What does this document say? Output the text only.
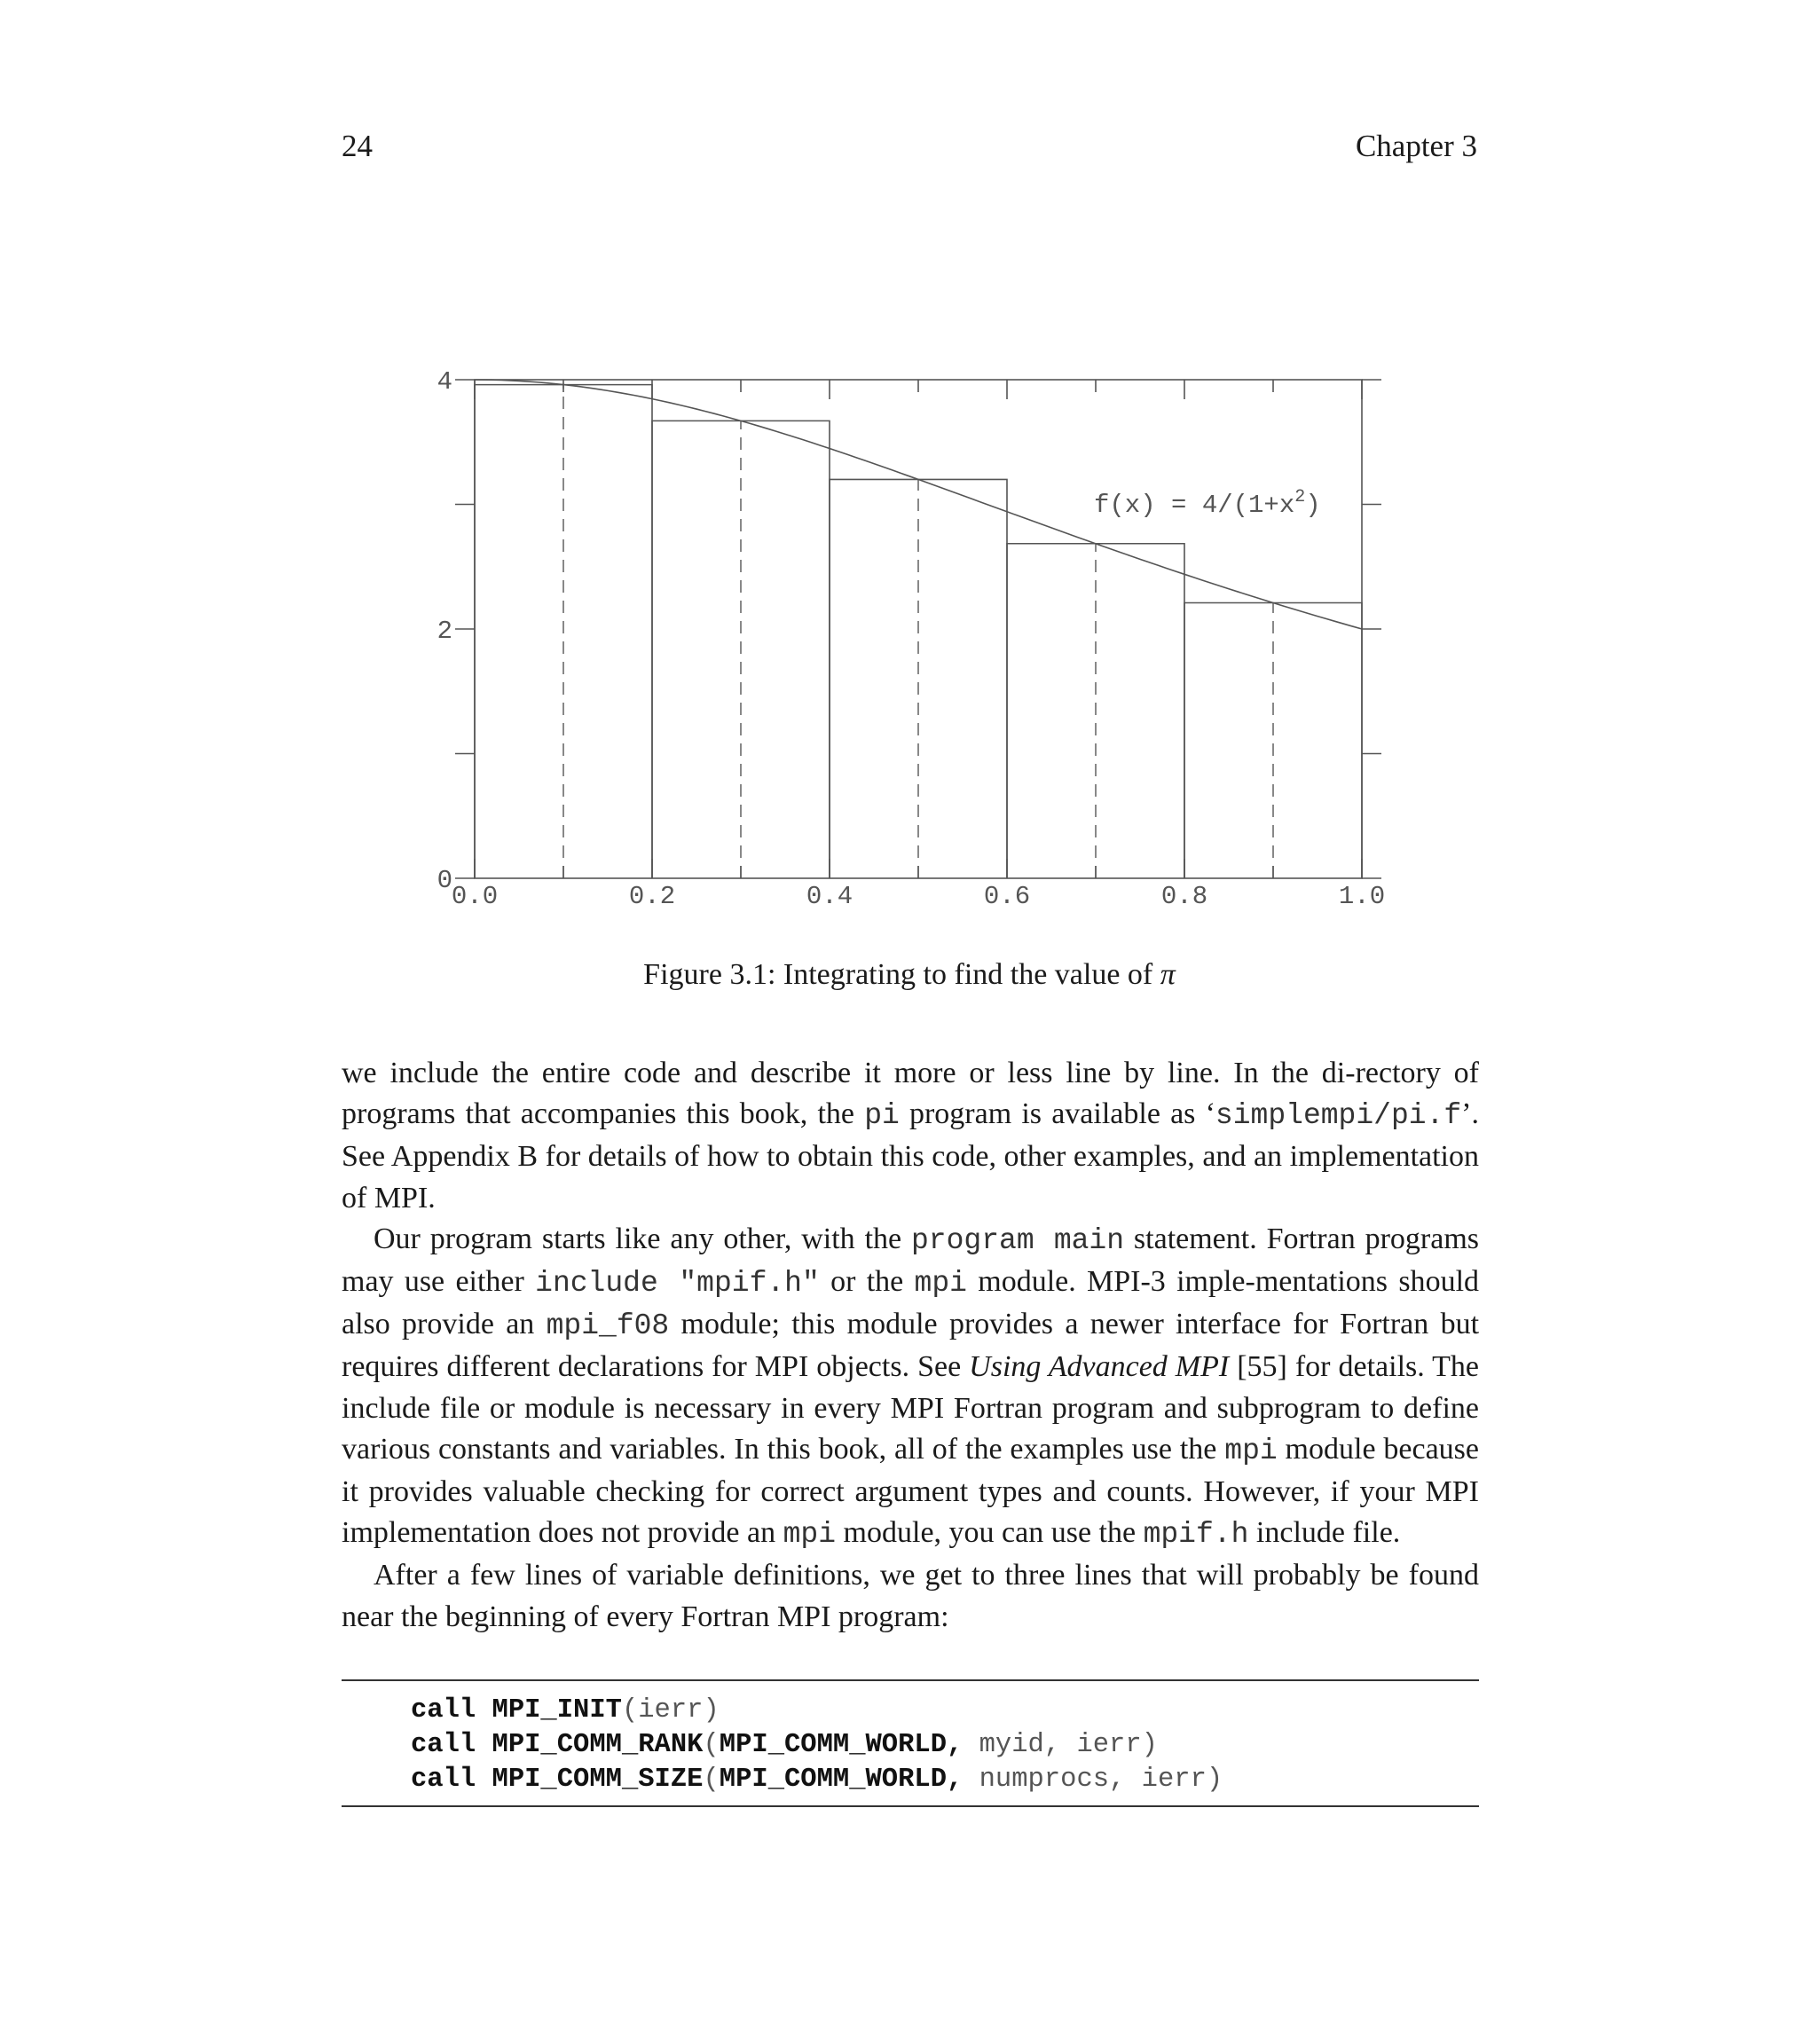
24	Chapter 3
0.0	0.2	0.4	0.6	0.8	1.0
0
2
4
$f(x) = 4/(1+x^2)$
Figure 3.1: Integrating to find the value of π

we include the entire code and describe it more or less line by line. In the di-rectory of programs that accompanies this book, the pi program is available as ‘simplempi/pi.f’. See Appendix B for details of how to obtain this code, other examples, and an implementation of MPI.

Our program starts like any other, with the program main statement. Fortran programs may use either include "mpif.h" or the mpi module. MPI-3 imple-mentations should also provide an mpi_f08 module; this module provides a newer interface for Fortran but requires different declarations for MPI objects. See Using Advanced MPI [55] for details. The include file or module is necessary in every MPI Fortran program and subprogram to define various constants and variables. In this book, all of the examples use the mpi module because it provides valuable checking for correct argument types and counts. However, if your MPI implementation does not provide an mpi module, you can use the mpif.h include file.

After a few lines of variable definitions, we get to three lines that will probably be found near the beginning of every Fortran MPI program:

call MPI_INIT(ierr)
call MPI_COMM_RANK(MPI_COMM_WORLD, myid, ierr)
call MPI_COMM_SIZE(MPI_COMM_WORLD, numprocs, ierr)
